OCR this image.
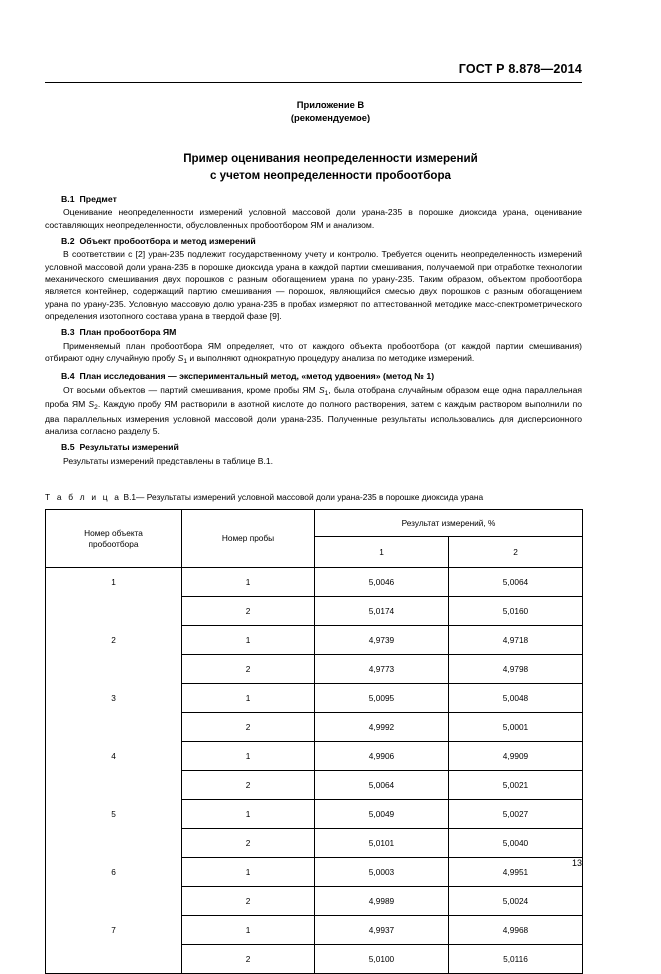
ГОСТ Р 8.878—2014
Приложение В
(рекомендуемое)
Пример оценивания неопределенности измерений
с учетом неопределенности пробоотбора
В.1 Предмет

Оценивание неопределенности измерений условной массовой доли урана-235 в порошке диоксида урана, оценивание составляющих неопределенности, обусловленных пробоотбором ЯМ и анализом.

В.2 Объект пробоотбора и метод измерений

В соответствии с [2] уран-235 подлежит государственному учету и контролю. Требуется оценить неопределенность измерений условной массовой доли урана-235 в порошке диоксида урана в каждой партии смешивания, получаемой при отработке технологии механического смешивания двух порошков с разным обогащением урана по урану-235. Таким образом, объектом пробоотбора является контейнер, содержащий партию смешивания — порошок, являющийся смесью двух порошков с разным обогащением урана по урану-235. Условную массовую долю урана-235 в пробах измеряют по аттестованной методике масс-спектрометрического определения изотопного состава урана в твердой фазе [9].

В.3 План пробоотбора ЯМ

Применяемый план пробоотбора ЯМ определяет, что от каждого объекта пробоотбора (от каждой партии смешивания) отбирают одну случайную пробу $S_1$ и выполняют однократную процедуру анализа по методике измерений.

В.4 План исследования — экспериментальный метод, «метод удвоения» (метод № 1)

От восьми объектов — партий смешивания, кроме пробы ЯМ $S_1$, была отобрана случайным образом еще одна параллельная проба ЯМ $S_2$. Каждую пробу ЯМ растворили в азотной кислоте до полного растворения, затем с каждым раствором выполнили по два параллельных измерения условной массовой доли урана-235. Полученные результаты использовались для дисперсионного анализа согласно разделу 5.

В.5 Результаты измерений

Результаты измерений представлены в таблице В.1.

Т а б л и ц а В.1— Результаты измерений условной массовой доли урана-235 в порошке диоксида урана
Номер объекта
пробоотбора	Номер пробы	Результат измерений, %	
		1	2
1	1	5,0046	5,0064
	2	5,0174	5,0160
2	1	4,9739	4,9718
	2	4,9773	4,9798
3	1	5,0095	5,0048
	2	4,9992	5,0001
4	1	4,9906	4,9909
	2	5,0064	5,0021
5	1	5,0049	5,0027
	2	5,0101	5,0040
6	1	5,0003	4,9951
	2	4,9989	5,0024
7	1	4,9937	4,9968
	2	5,0100	5,0116
13
